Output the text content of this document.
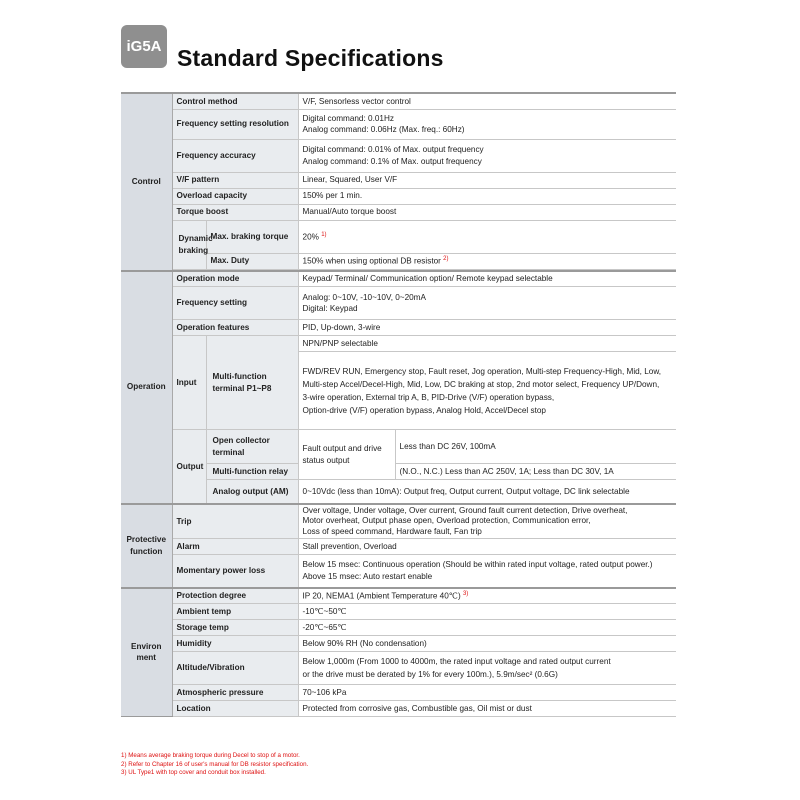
iG5A Standard Specifications
Control	Control method		V/F, Sensorless vector control	
	Frequency setting resolution		Digital command: 0.01Hz
Analog command: 0.06Hz (Max. freq.: 60Hz)	

	Frequency accuracy		Digital command: 0.01% of Max. output frequency
Analog command: 0.1% of Max. output frequency	

	V/F pattern		Linear, Squared, User V/F	
	Overload capacity		150% per 1 min.	
	Torque boost		Manual/Auto torque boost	
	Dynamic braking	Max. braking torque	20% $^{1)}$
		Max. Duty	150% when using optional DB resistor $^{2)}$

Operation	Operation mode		Keypad/ Terminal/ Communication option/ Remote keypad selectable	
	Frequency setting		Analog: 0~10V, -10~10V, 0~20mA
Digital: Keypad	

	Operation features		PID, Up-down, 3-wire	
	Input	Multi-function terminal P1~P8	NPN/PNP selectable	

			FWD/REV RUN, Emergency stop, Fault reset, Jog operation, Multi-step Frequency-High, Mid, Low,
Multi-step Accel/Decel-High, Mid, Low, DC braking at stop, 2nd motor select, Frequency UP/Down,
3-wire operation, External trip A, B, PID-Drive (V/F) operation bypass,
Option-drive (V/F) operation bypass, Analog Hold, Accel/Decel stop	

	Output	Open collector terminal	Fault output and drive status output	Less than DC 26V, 100mA
		Multi-function relay		(N.O., N.C.) Less than AC 250V, 1A; Less than DC 30V, 1A
		Analog output (AM)	0~10Vdc (less than 10mA): Output freq, Output current, Output voltage, DC link selectable	
Protective function	Trip		Over voltage, Under voltage, Over current, Ground fault current detection, Drive overheat,
Motor overheat, Output phase open, Overload protection, Communication error,
Loss of speed command, Hardware fault, Fan trip	

	Alarm		Stall prevention, Overload	
	Momentary power loss		Below 15 msec: Continuous operation (Should be within rated input voltage, rated output power.)
Above 15 msec: Auto restart enable	

Environ ment	Protection degree		IP 20, NEMA1 (Ambient Temperature 40℃) $^{3)}$
	Ambient temp		-10℃~50℃	
	Storage temp		-20℃~65℃	
	Humidity		Below 90% RH (No condensation)	
	Altitude/Vibration		Below 1,000m (From 1000 to 4000m, the rated input voltage and rated output current
or the drive must be derated by 1% for every 100m.), 5.9m/sec² (0.6G)	

	Atmospheric pressure		70~106 kPa	
	Location		Protected from corrosive gas, Combustible gas, Oil mist or dust	
1) Means average braking torque during Decel to stop of a motor.
2) Refer to Chapter 16 of user's manual for DB resistor specification.
3) UL Type1 with top cover and conduit box installed.
